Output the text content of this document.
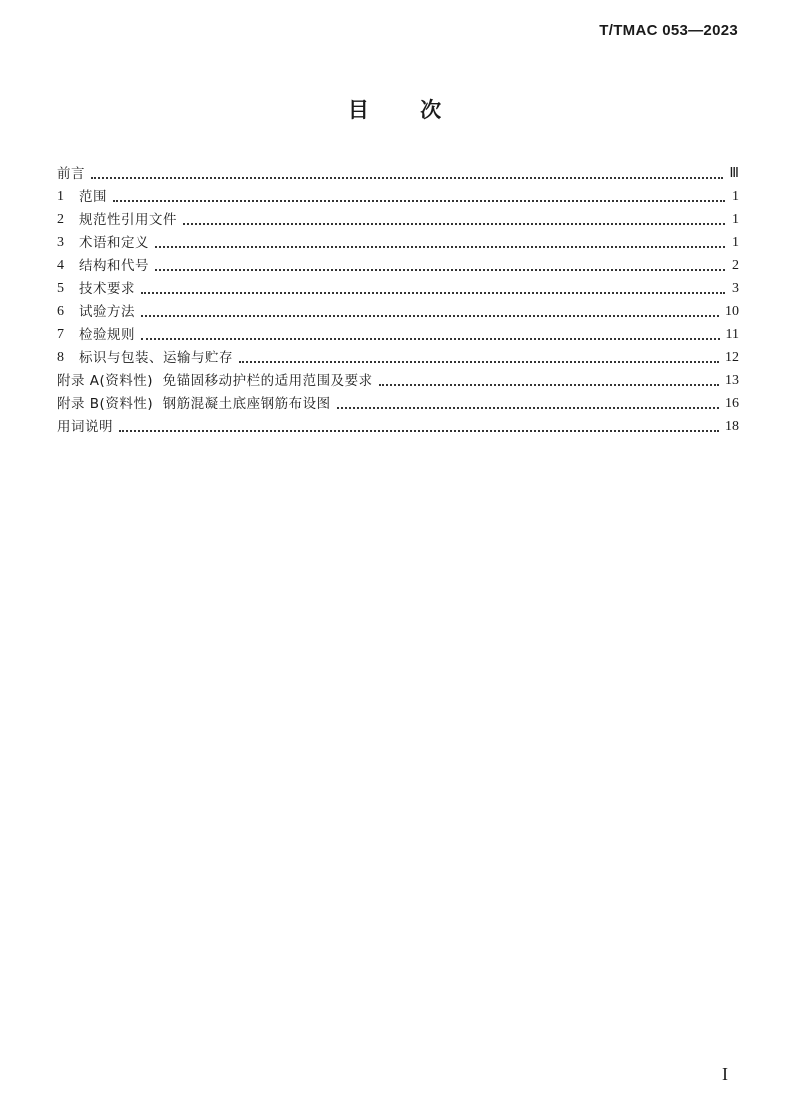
T/TMAC 053—2023
目 次
前言	Ⅲ
1	范围	1
2	规范性引用文件	1
3	术语和定义	1
4	结构和代号	2
5	技术要求	3
6	试验方法	10
7	检验规则	11
8	标识与包装、运输与贮存	12
附录 A(资料性)  免锚固移动护栏的适用范围及要求	13
附录 B(资料性)  钢筋混凝土底座钢筋布设图	16
用词说明	18
I
